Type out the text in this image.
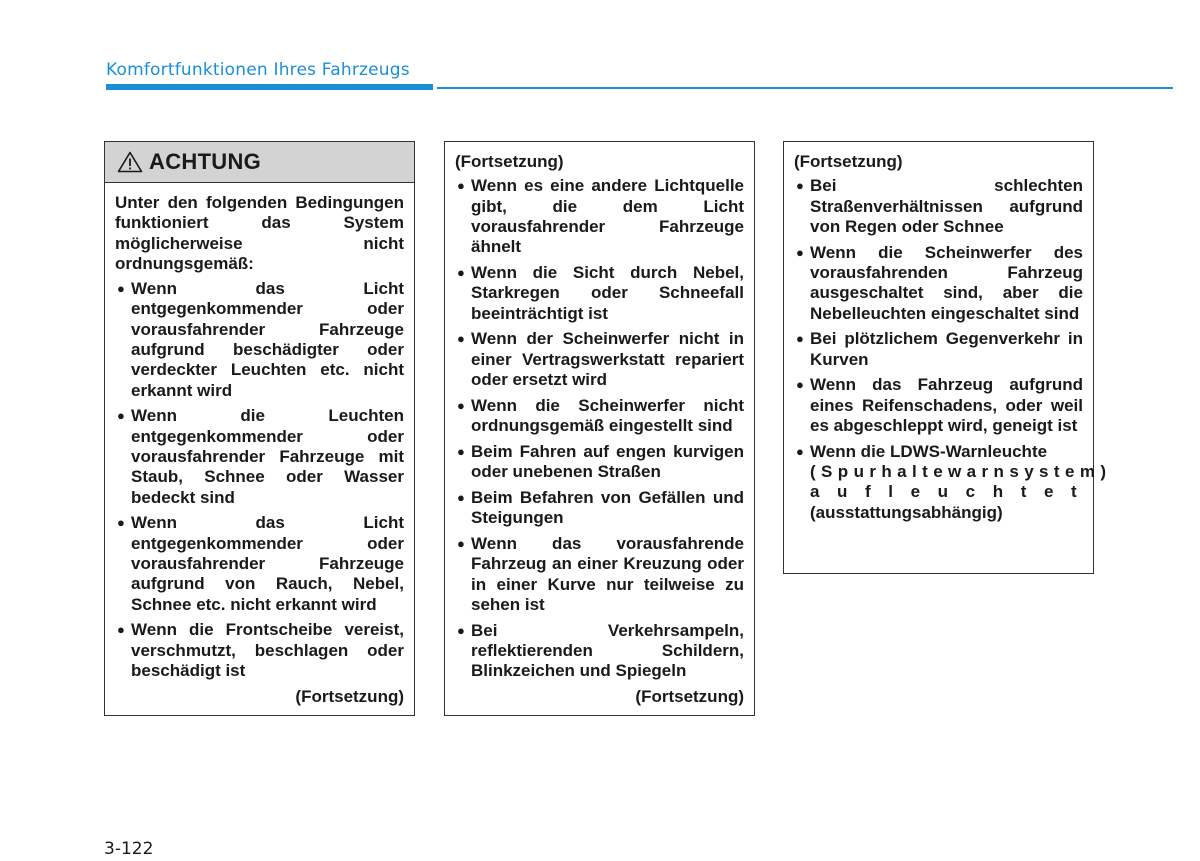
Komfortfunktionen Ihres Fahrzeugs
ACHTUNG

Unter den folgenden Bedingungen funktioniert das System möglicherweise nicht ordnungsgemäß:

● Wenn das Licht entgegenkommender oder vorausfahrender Fahrzeuge aufgrund beschädigter oder verdeckter Leuchten etc. nicht erkannt wird
● Wenn die Leuchten entgegenkommender oder vorausfahrender Fahrzeuge mit Staub, Schnee oder Wasser bedeckt sind
● Wenn das Licht entgegenkommender oder vorausfahrender Fahrzeuge aufgrund von Rauch, Nebel, Schnee etc. nicht erkannt wird
● Wenn die Frontscheibe vereist, verschmutzt, beschlagen oder beschädigt ist
(Fortsetzung)
(Fortsetzung)
● Wenn es eine andere Lichtquelle gibt, die dem Licht vorausfahrender Fahrzeuge ähnelt
● Wenn die Sicht durch Nebel, Starkregen oder Schneefall beeinträchtigt ist
● Wenn der Scheinwerfer nicht in einer Vertragswerkstatt repariert oder ersetzt wird
● Wenn die Scheinwerfer nicht ordnungsgemäß eingestellt sind
● Beim Fahren auf engen kurvigen oder unebenen Straßen
● Beim Befahren von Gefällen und Steigungen
● Wenn das vorausfahrende Fahrzeug an einer Kreuzung oder in einer Kurve nur teilweise zu sehen ist
● Bei Verkehrsampeln, reflektierenden Schildern, Blinkzeichen und Spiegeln
(Fortsetzung)
(Fortsetzung)
● Bei schlechten Straßenverhältnissen aufgrund von Regen oder Schnee
● Wenn die Scheinwerfer des vorausfahrenden Fahrzeug ausgeschaltet sind, aber die Nebelleuchten eingeschaltet sind
● Bei plötzlichem Gegenverkehr in Kurven
● Wenn das Fahrzeug aufgrund eines Reifenschadens, oder weil es abgeschleppt wird, geneigt ist
● Wenn die LDWS-Warnleuchte
(Spurhaltewarnsystem)
aufleuchtet
(ausstattungsabhängig)
3-122
